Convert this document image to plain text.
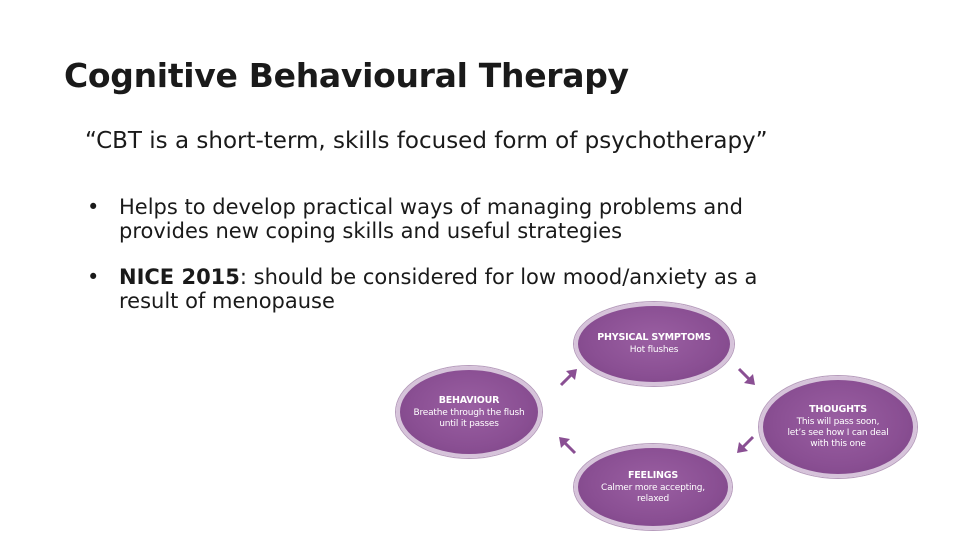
Cognitive Behavioural Therapy

“CBT is a short-term, skills focused form of psychotherapy”

• Helps to develop practical ways of managing problems and
provides new coping skills and useful strategies
• NICE 2015: should be considered for low mood/anxiety as a
result of menopause
PHYSICAL SYMPTOMS
Hot flushes
BEHAVIOUR
Breathe through the flush
until it passes
THOUGHTS
This will pass soon,
let’s see how I can deal
with this one
FEELINGS
Calmer more accepting,
relaxed
